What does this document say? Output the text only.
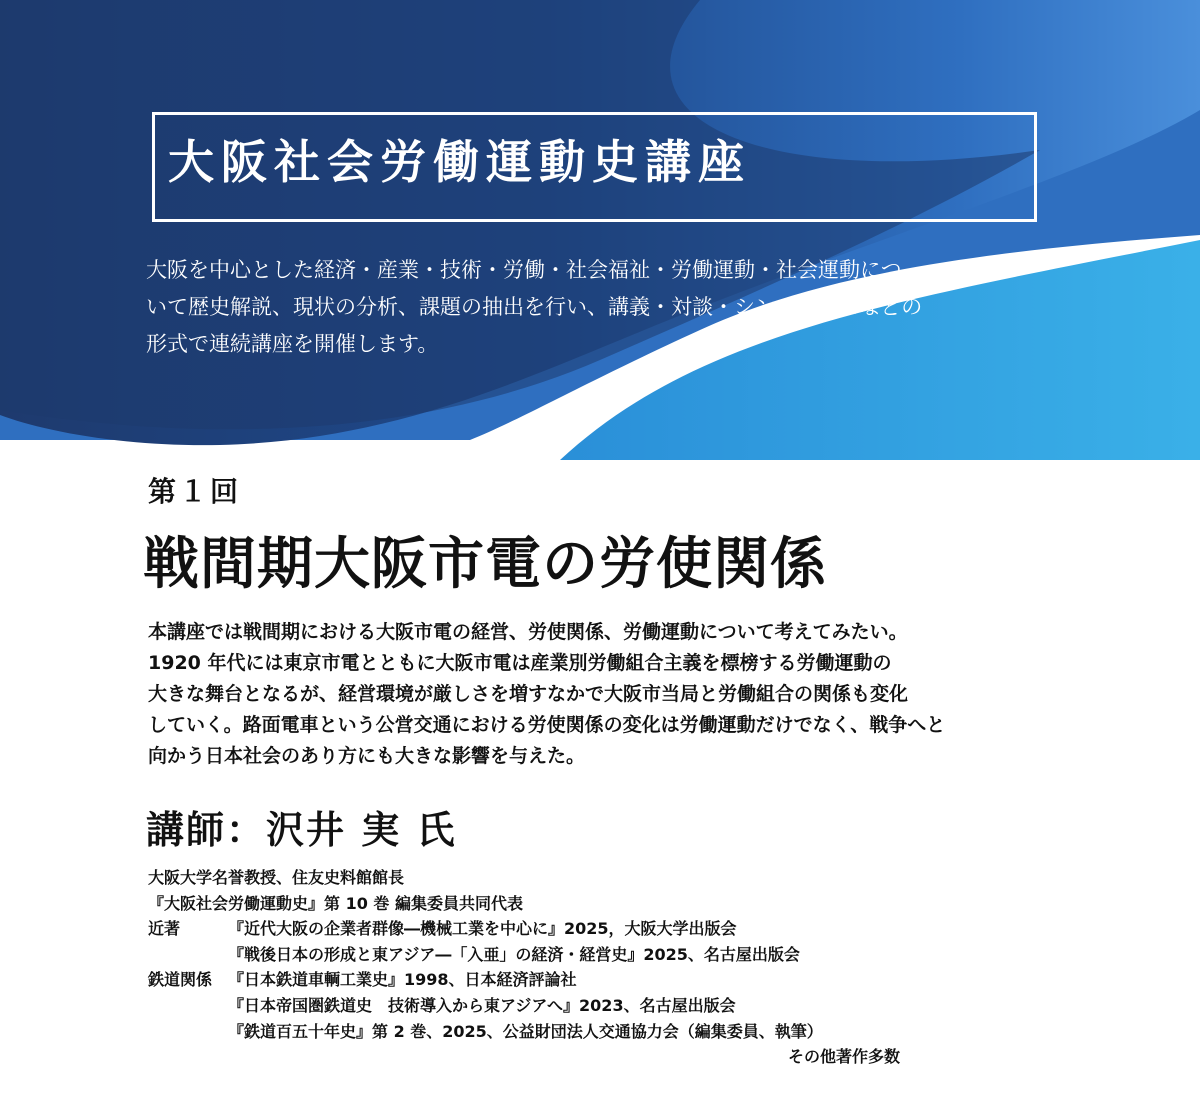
大阪社会労働運動史講座
大阪を中心とした経済・産業・技術・労働・社会福祉・労働運動・社会運動につ
いて歴史解説、現状の分析、課題の抽出を行い、講義・対談・シンポジウムなどの
形式で連続講座を開催します。
第１回
戦間期大阪市電の労使関係
本講座では戦間期における大阪市電の経営、労使関係、労働運動について考えてみたい。
1920 年代には東京市電とともに大阪市電は産業別労働組合主義を標榜する労働運動の
大きな舞台となるが、経営環境が厳しさを増すなかで大阪市当局と労働組合の関係も変化
していく。路面電車という公営交通における労使関係の変化は労働運動だけでなく、戦争へと
向かう日本社会のあり方にも大きな影響を与えた。
講師：沢井 実 氏
大阪大学名誉教授、住友史料館館長
『大阪社会労働運動史』第 10 巻 編集委員共同代表
近著	『近代大阪の企業者群像―機械工業を中心に』2025，大阪大学出版会
『戦後日本の形成と東アジア―「入亜」の経済・経営史』2025、名古屋出版会
鉄道関係 『日本鉄道車輌工業史』1998、日本経済評論社
『日本帝国圏鉄道史　技術導入から東アジアへ』2023、名古屋出版会
『鉄道百五十年史』第 2 巻、2025、公益財団法人交通協力会（編集委員、執筆）
その他著作多数
